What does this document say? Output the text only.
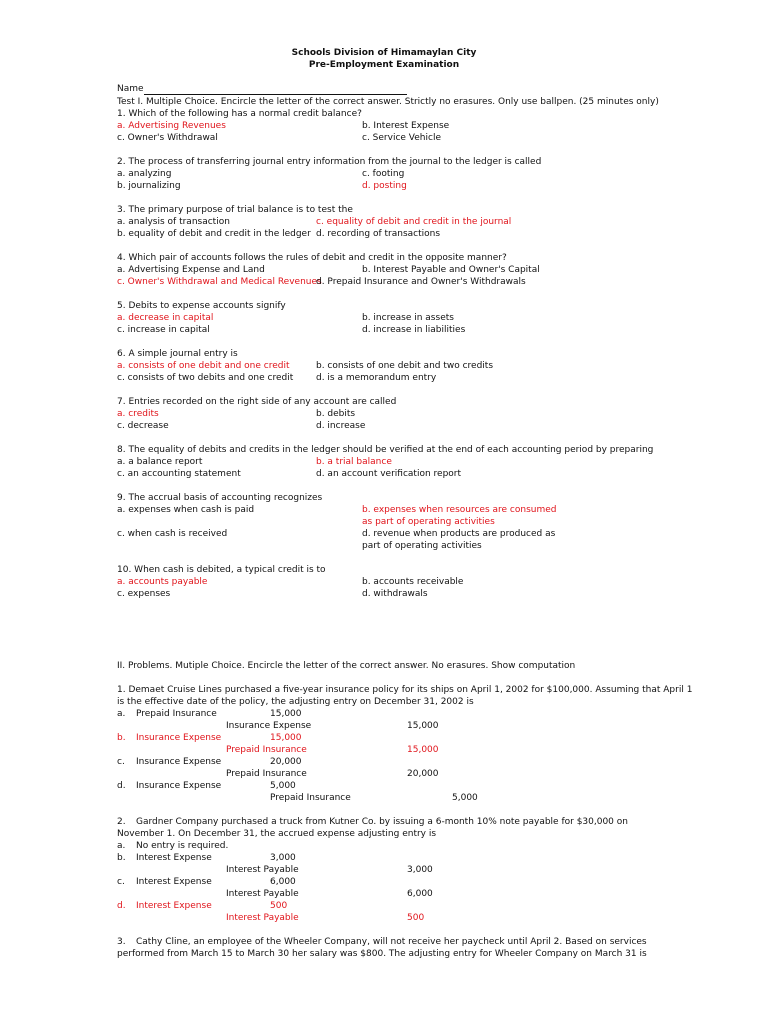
Schools Division of Himamaylan City
Pre-Employment Examination
Name
Test I. Multiple Choice. Encircle the letter of the correct answer. Strictly no erasures. Only use ballpen. (25 minutes only)
1. Which of the following has a normal credit balance?
a. Advertising Revenues	b. Interest Expense
c. Owner's Withdrawal	c. Service Vehicle
2. The process of transferring journal entry information from the journal to the ledger is called
a. analyzing	c. footing
b. journalizing	d. posting
3. The primary purpose of trial balance is to test the
a. analysis of transaction	c. equality of debit and credit in the journal
b. equality of debit and credit in the ledger d. recording of transactions
4. Which pair of accounts follows the rules of debit and credit in the opposite manner?
a. Advertising Expense and Land	b. Interest Payable and Owner's Capital
c. Owner's Withdrawal and Medical Revenues
d. Prepaid Insurance and Owner's Withdrawals
5. Debits to expense accounts signify
a. decrease in capital	b. increase in assets
c. increase in capital	d. increase in liabilities
6. A simple journal entry is
a. consists of one debit and one credit	b. consists of one debit and two credits
c. consists of two debits and one credit	d. is a memorandum entry
7. Entries recorded on the right side of any account are called
a. credits	b. debits
c. decrease	d. increase
8. The equality of debits and credits in the ledger should be verified at the end of each accounting period by preparing
a. a balance report	b. a trial balance
c. an accounting statement	d. an account verification report
9. The accrual basis of accounting recognizes
a. expenses when cash is paid	b. expenses when resources are consumed
as part of operating activities
c. when cash is received	d. revenue when products are produced as
part of operating activities
10. When cash is debited, a typical credit is to
a. accounts payable	b. accounts receivable
c. expenses	d. withdrawals
II. Problems. Mutiple Choice. Encircle the letter of the correct answer. No erasures. Show computation
1. Demaet Cruise Lines purchased a five-year insurance policy for its ships on April 1, 2002 for $100,000. Assuming that April 1
is the effective date of the policy, the adjusting entry on December 31, 2002 is
a. Prepaid Insurance	15,000
Insurance Expense	15,000
b. Insurance Expense	15,000
Prepaid Insurance	15,000
c. Insurance Expense	20,000
Prepaid Insurance	20,000
d. Insurance Expense	5,000
Prepaid Insurance	5,000
2. Gardner Company purchased a truck from Kutner Co. by issuing a 6-month 10% note payable for $30,000 on
November 1. On December 31, the accrued expense adjusting entry is
a. No entry is required.
b. Interest Expense	3,000
Interest Payable	3,000
c. Interest Expense	6,000
Interest Payable	6,000
d. Interest Expense	500
Interest Payable	500
3. Cathy Cline, an employee of the Wheeler Company, will not receive her paycheck until April 2. Based on services
performed from March 15 to March 30 her salary was $800. The adjusting entry for Wheeler Company on March 31 is
